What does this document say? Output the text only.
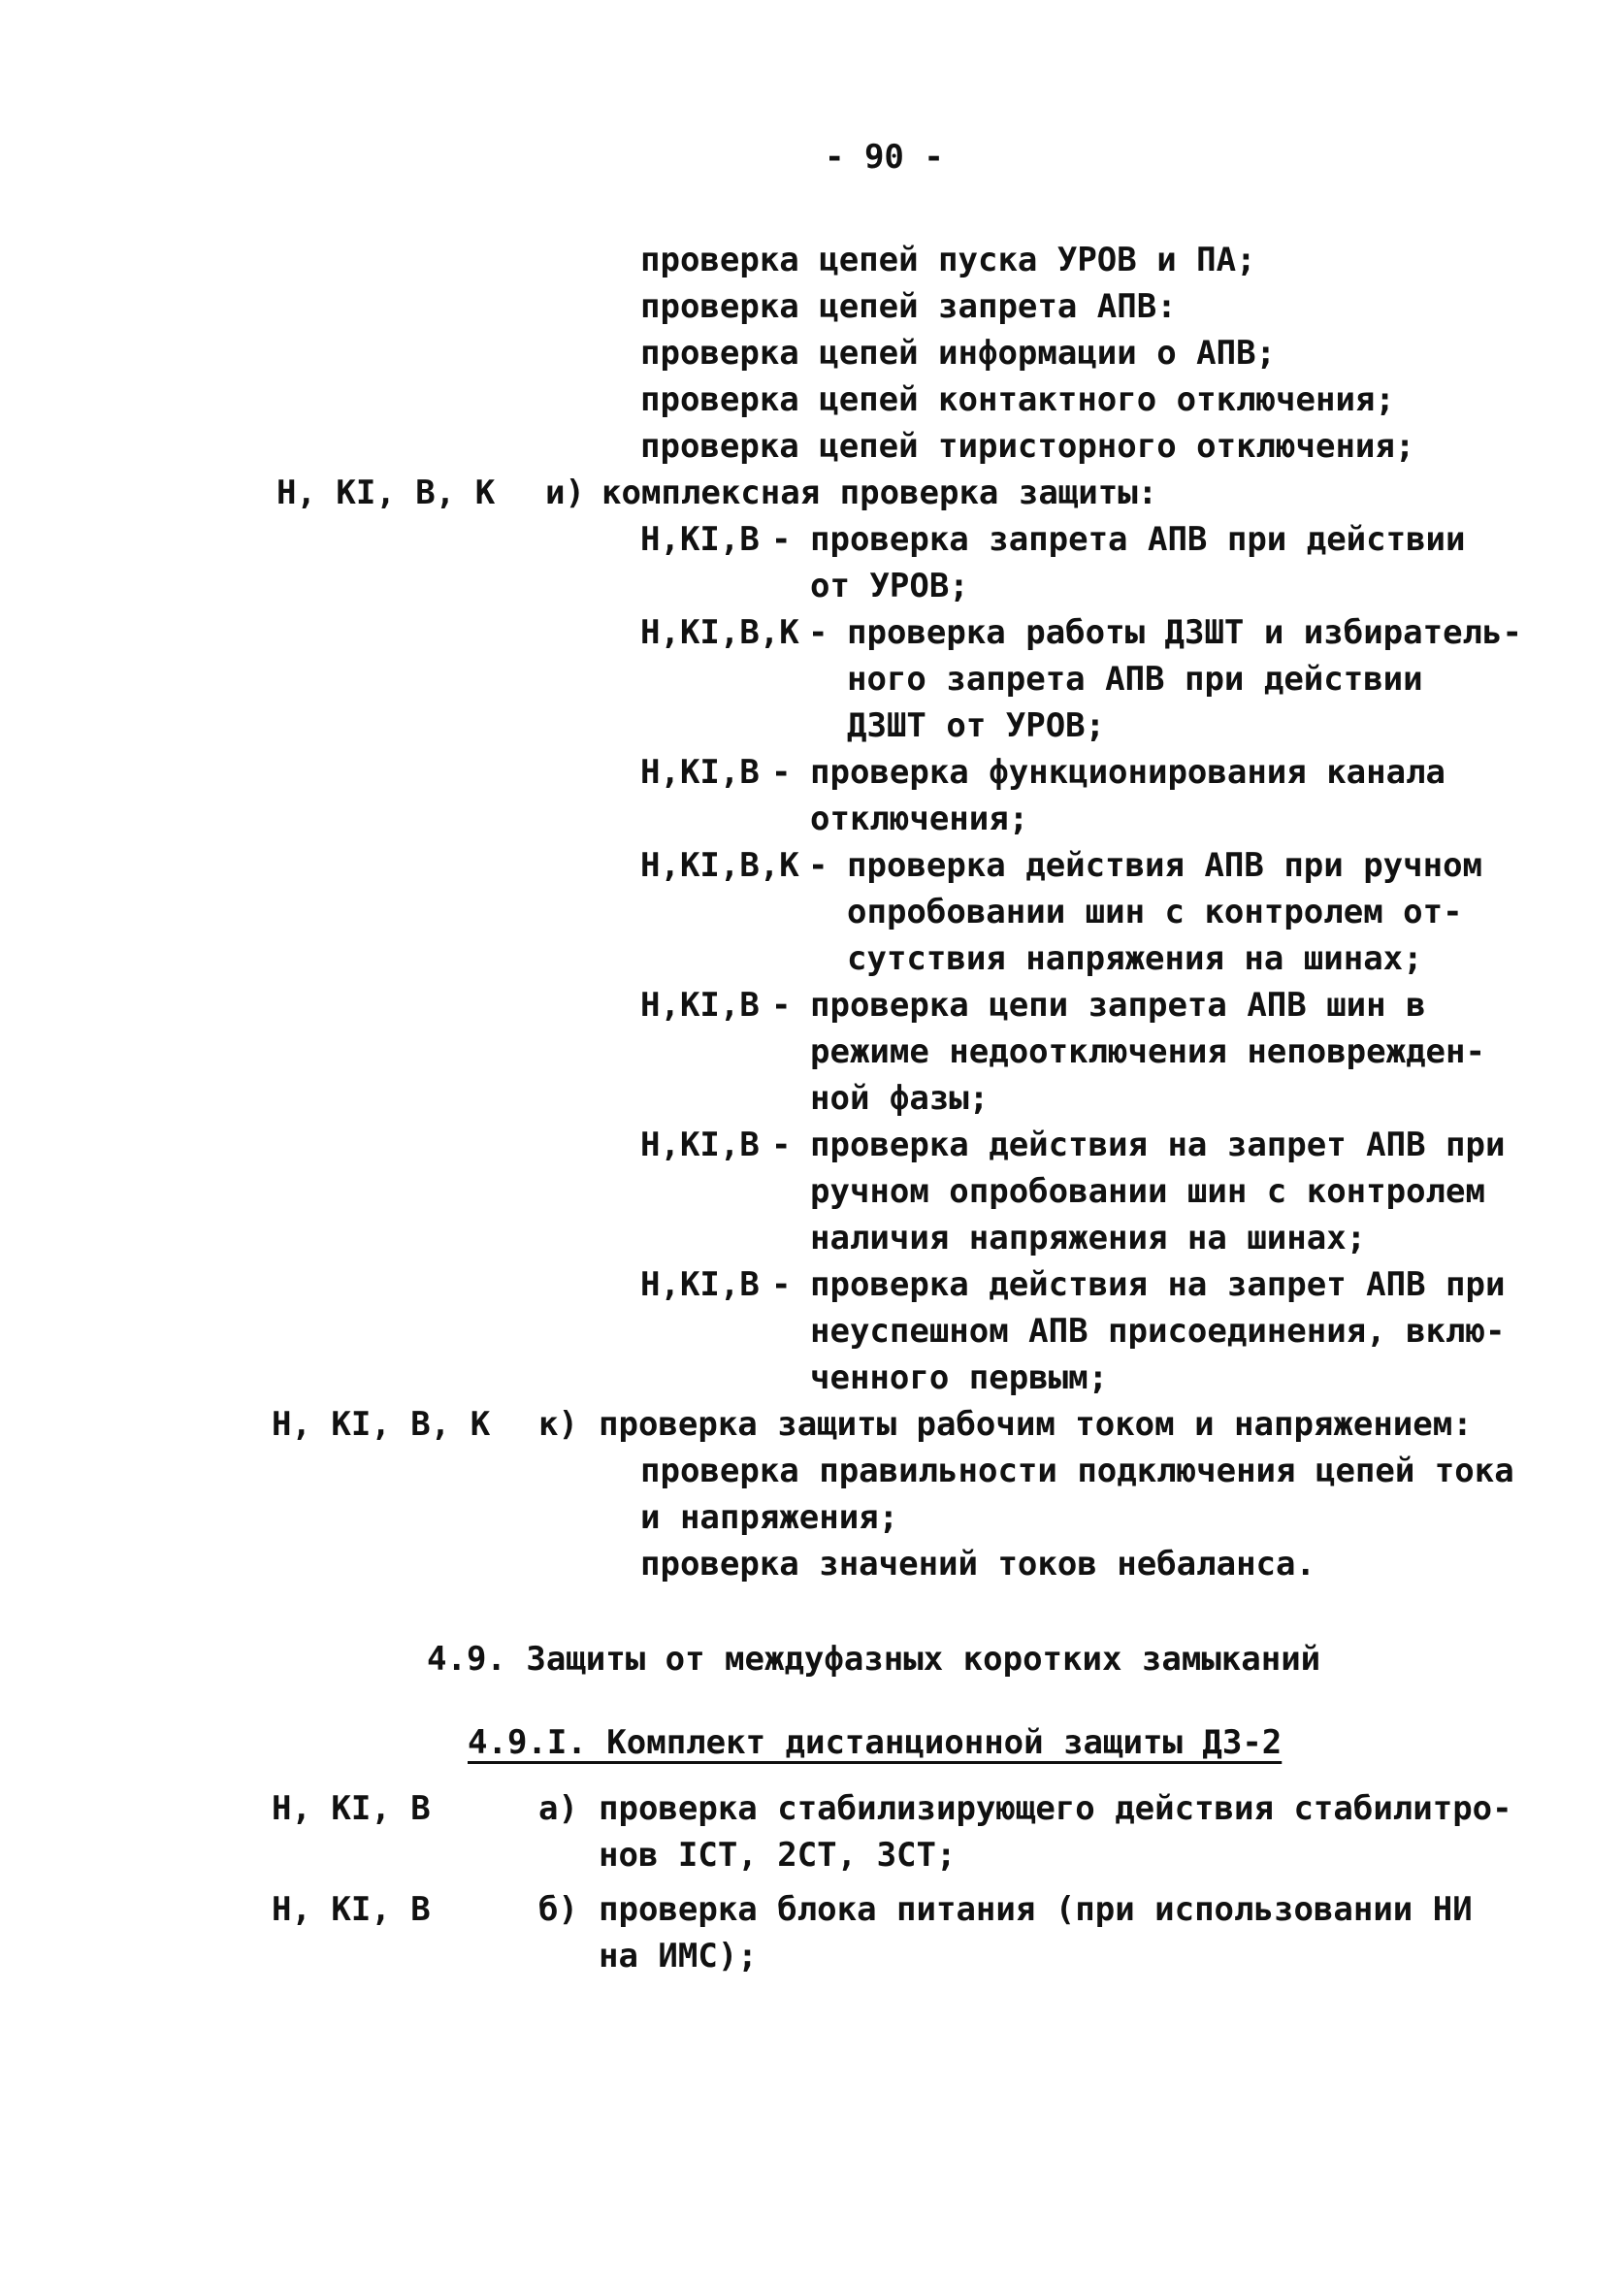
- 90 -
проверка цепей пуска УРОВ и ПА;
проверка цепей запрета АПВ:
проверка цепей информации о АПВ;
проверка цепей контактного отключения;
проверка цепей тиристорного отключения;
Н, КI, В, К и) комплексная проверка защиты:
Н,КI,В - проверка запрета АПВ при действии
от УРОВ;
Н,КI,В,К - проверка работы ДЗШТ и избиратель-
ного запрета АПВ при действии
ДЗШТ от УРОВ;
Н,КI,В - проверка функционирования канала
отключения;
Н,КI,В,К - проверка действия АПВ при ручном
опробовании шин с контролем от-
сутствия напряжения на шинах;
Н,КI,В - проверка цепи запрета АПВ шин в
режиме недоотключения неповрежден-
ной фазы;
Н,КI,В - проверка действия на запрет АПВ при
ручном опробовании шин с контролем
наличия напряжения на шинах;
Н,КI,В - проверка действия на запрет АПВ при
неуспешном АПВ присоединения, вклю-
ченного первым;
Н, КI, В, К к) проверка защиты рабочим током и напряжением:
проверка правильности подключения цепей тока
и напряжения;
проверка значений токов небаланса.
4.9. Защиты от междуфазных коротких замыканий
4.9.I. Комплект дистанционной защиты ДЗ-2
Н, КI, В	а) проверка стабилизирующего действия стабилитро-
нов IСТ, 2СТ, 3СТ;
Н, КI, В	б) проверка блока питания (при использовании НИ
на ИМС);
